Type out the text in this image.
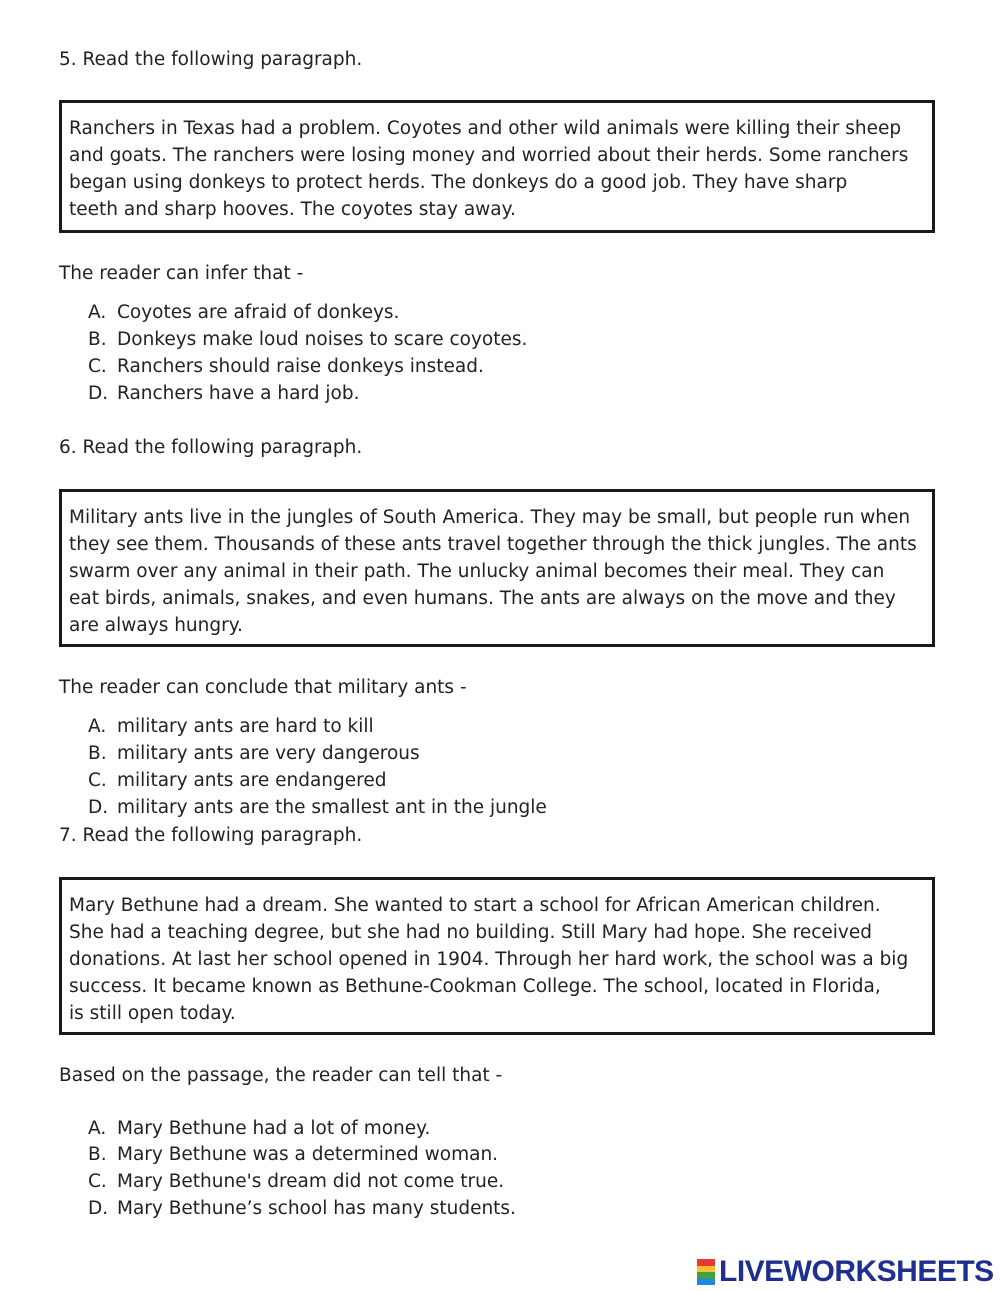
5. Read the following paragraph.
Ranchers in Texas had a problem. Coyotes and other wild animals were killing their sheep
and goats. The ranchers were losing money and worried about their herds. Some ranchers
began using donkeys to protect herds. The donkeys do a good job. They have sharp
teeth and sharp hooves. The coyotes stay away.
The reader can infer that -
A. Coyotes are afraid of donkeys.
B. Donkeys make loud noises to scare coyotes.
C. Ranchers should raise donkeys instead.
D. Ranchers have a hard job.
6. Read the following paragraph.
Military ants live in the jungles of South America. They may be small, but people run when
they see them. Thousands of these ants travel together through the thick jungles. The ants
swarm over any animal in their path. The unlucky animal becomes their meal. They can
eat birds, animals, snakes, and even humans. The ants are always on the move and they
are always hungry.
The reader can conclude that military ants -
A. military ants are hard to kill
B. military ants are very dangerous
C. military ants are endangered
D. military ants are the smallest ant in the jungle
7. Read the following paragraph.
Mary Bethune had a dream. She wanted to start a school for African American children.
She had a teaching degree, but she had no building. Still Mary had hope. She received
donations. At last her school opened in 1904. Through her hard work, the school was a big
success. It became known as Bethune-Cookman College. The school, located in Florida,
is still open today.
Based on the passage, the reader can tell that -
A. Mary Bethune had a lot of money.
B. Mary Bethune was a determined woman.
C. Mary Bethune's dream did not come true.
D. Mary Bethune’s school has many students.
LIVEWORKSHEETS
